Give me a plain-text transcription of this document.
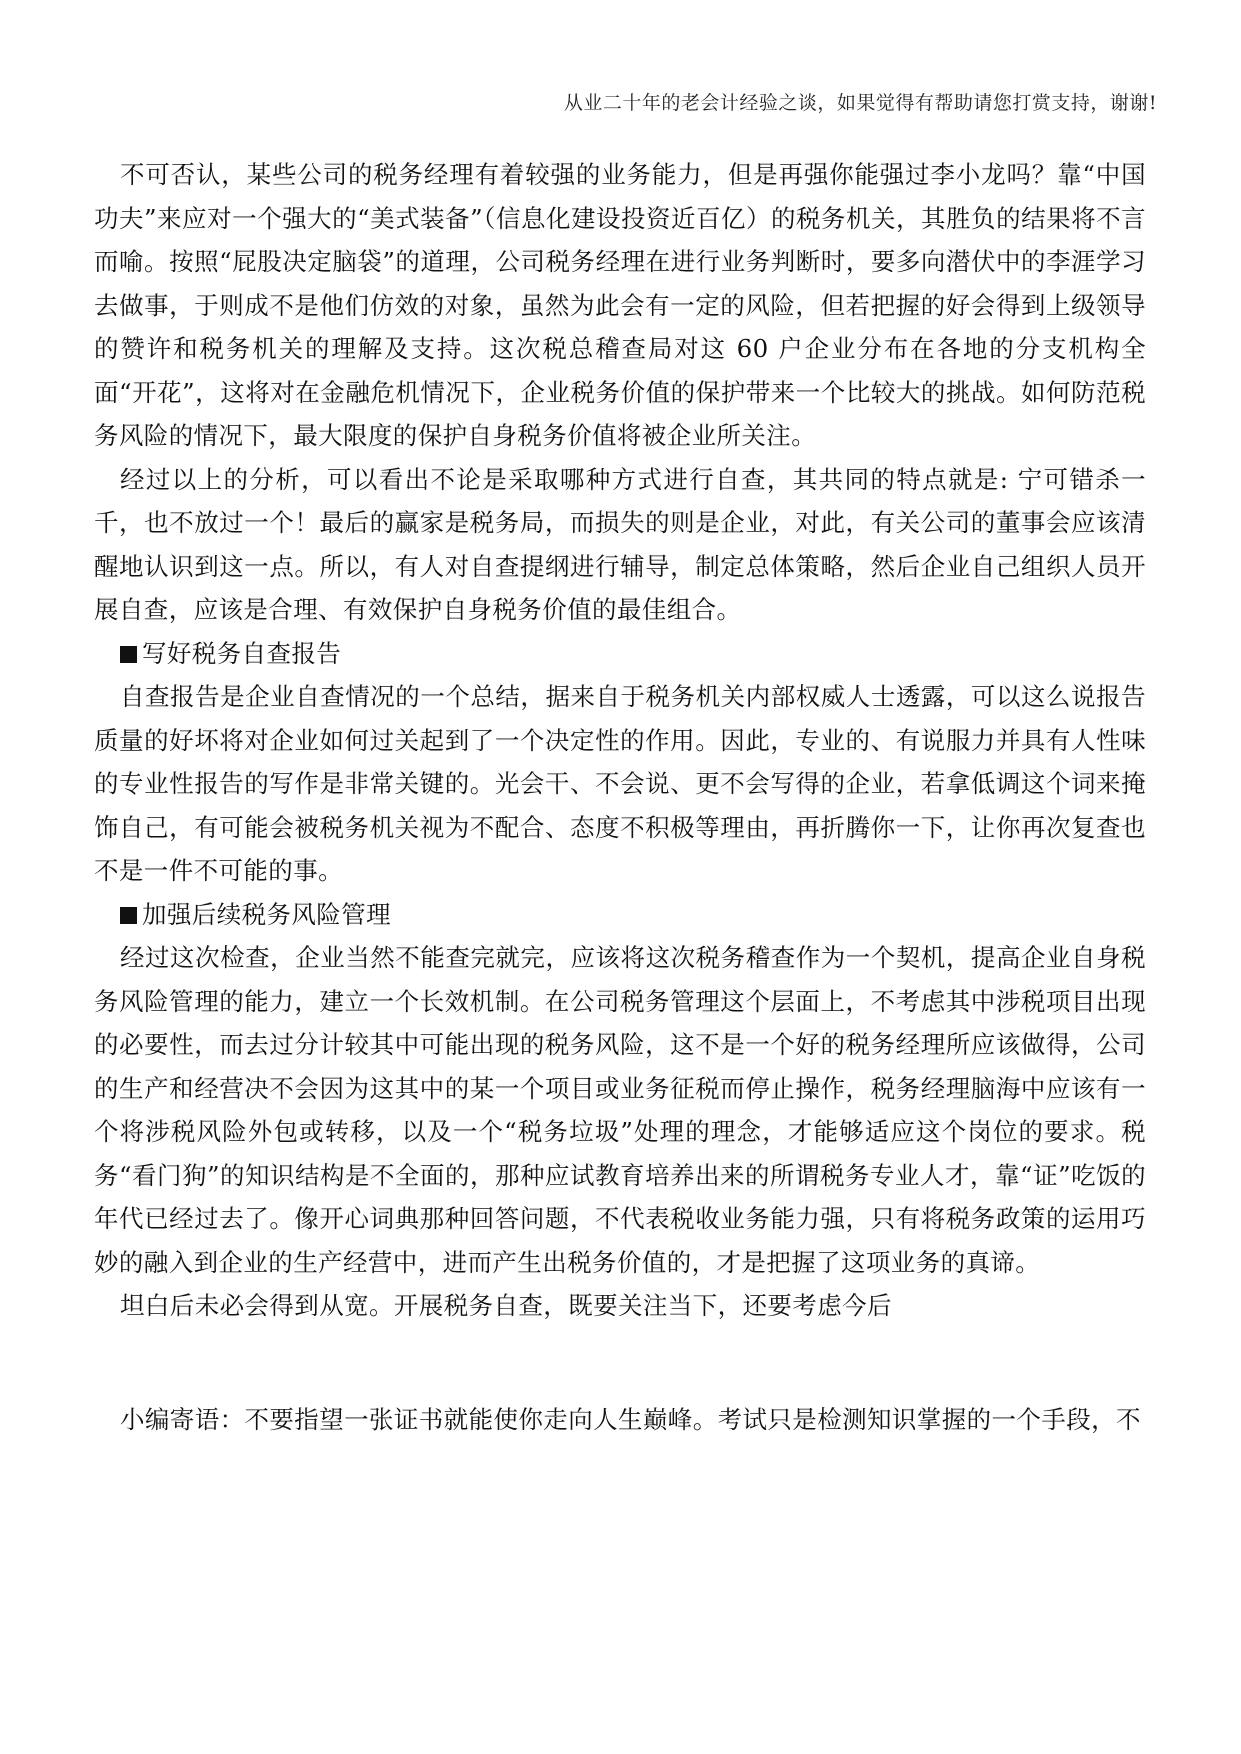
从业二十年的老会计经验之谈，如果觉得有帮助请您打赏支持，谢谢!

不可否认，某些公司的税务经理有着较强的业务能力，但是再强你能强过李小龙吗？靠“中国功夫”来应对一个强大的“美式装备”（信息化建设投资近百亿）的税务机关，其胜负的结果将不言而喻。按照“屁股决定脑袋”的道理，公司税务经理在进行业务判断时，要多向潜伏中的李涯学习去做事，于则成不是他们仿效的对象，虽然为此会有一定的风险，但若把握的好会得到上级领导的赞许和税务机关的理解及支持。这次税总稽查局对这 60 户企业分布在各地的分支机构全面“开花”，这将对在金融危机情况下，企业税务价值的保护带来一个比较大的挑战。如何防范税务风险的情况下，最大限度的保护自身税务价值将被企业所关注。

经过以上的分析，可以看出不论是采取哪种方式进行自查，其共同的特点就是: 宁可错杀一千，也不放过一个！最后的赢家是税务局，而损失的则是企业，对此，有关公司的董事会应该清醒地认识到这一点。所以，有人对自查提纲进行辅导，制定总体策略，然后企业自己组织人员开展自查，应该是合理、有效保护自身税务价值的最佳组合。

写好税务自查报告

自查报告是企业自查情况的一个总结，据来自于税务机关内部权威人士透露，可以这么说报告质量的好坏将对企业如何过关起到了一个决定性的作用。因此，专业的、有说服力并具有人性味的专业性报告的写作是非常关键的。光会干、不会说、更不会写得的企业，若拿低调这个词来掩饰自己，有可能会被税务机关视为不配合、态度不积极等理由，再折腾你一下，让你再次复查也不是一件不可能的事。

加强后续税务风险管理

经过这次检查，企业当然不能查完就完，应该将这次税务稽查作为一个契机，提高企业自身税务风险管理的能力，建立一个长效机制。在公司税务管理这个层面上，不考虑其中涉税项目出现的必要性，而去过分计较其中可能出现的税务风险，这不是一个好的税务经理所应该做得，公司的生产和经营决不会因为这其中的某一个项目或业务征税而停止操作，税务经理脑海中应该有一个将涉税风险外包或转移，以及一个“税务垃圾”处理的理念，才能够适应这个岗位的要求。税务“看门狗”的知识结构是不全面的，那种应试教育培养出来的所谓税务专业人才，靠“证”吃饭的年代已经过去了。像开心词典那种回答问题，不代表税收业务能力强，只有将税务政策的运用巧妙的融入到企业的生产经营中，进而产生出税务价值的，才是把握了这项业务的真谛。

坦白后未必会得到从宽。开展税务自查，既要关注当下，还要考虑今后

小编寄语：不要指望一张证书就能使你走向人生巅峰。考试只是检测知识掌握的一个手段，不
